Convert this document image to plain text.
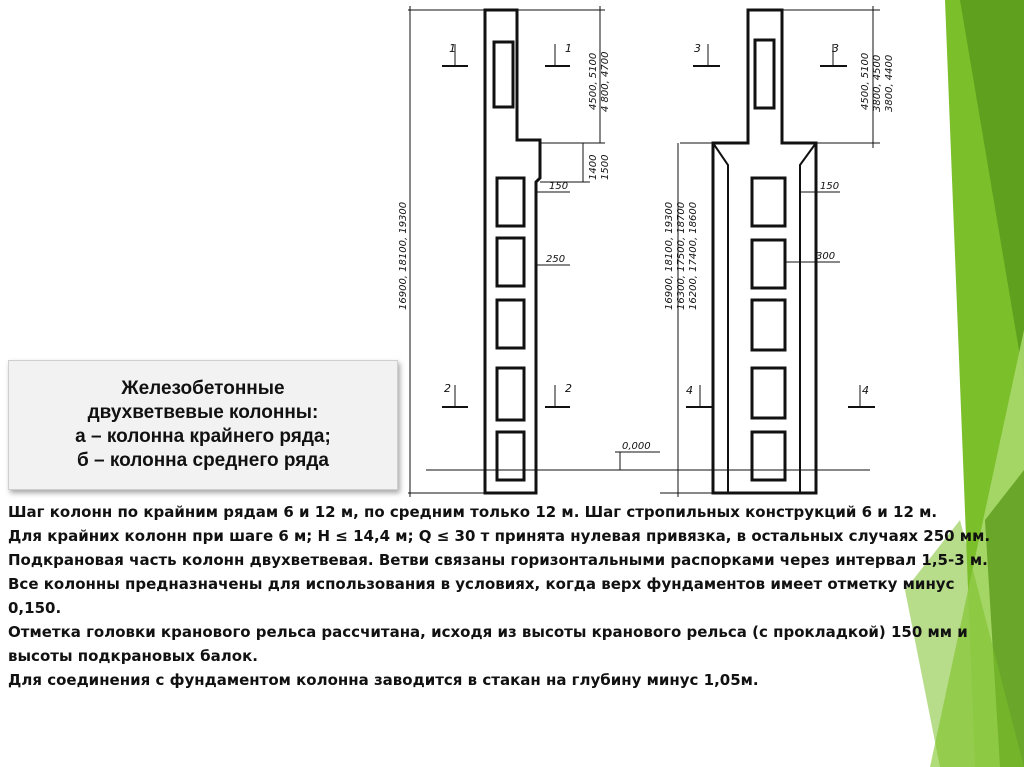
1	1
2	2
3	3
4	4
4500, 5100 4 800, 4700
1400 1500
16900, 18100, 19300
150
250
0,000
4500, 5100 3800, 4500 3800, 4400
16900, 18100, 19300 16300, 17500, 18700 16200, 17400, 18600
150
300
Железобетонные
двухветвевые колонны:
а – колонна крайнего ряда;
б – колонна среднего ряда

Шаг колонн по крайним рядам 6 и 12 м, по средним только 12 м. Шаг стропильных конструкций 6 и 12 м.

Для крайних колонн при шаге 6 м; Н ≤ 14,4 м; Q ≤ 30 т принята нулевая привязка, в остальных случаях 250 мм.

Подкрановая часть колонн двухветвевая. Ветви связаны горизонтальными распорками через интервал 1,5-3 м.

Все колонны предназначены для использования в условиях, когда верх фундаментов имеет отметку минус 0,150.

Отметка головки кранового рельса рассчитана, исходя из высоты кранового рельса (с прокладкой) 150 мм и высоты подкрановых балок.

Для соединения с фундаментом колонна заводится в стакан на глубину минус 1,05м.
